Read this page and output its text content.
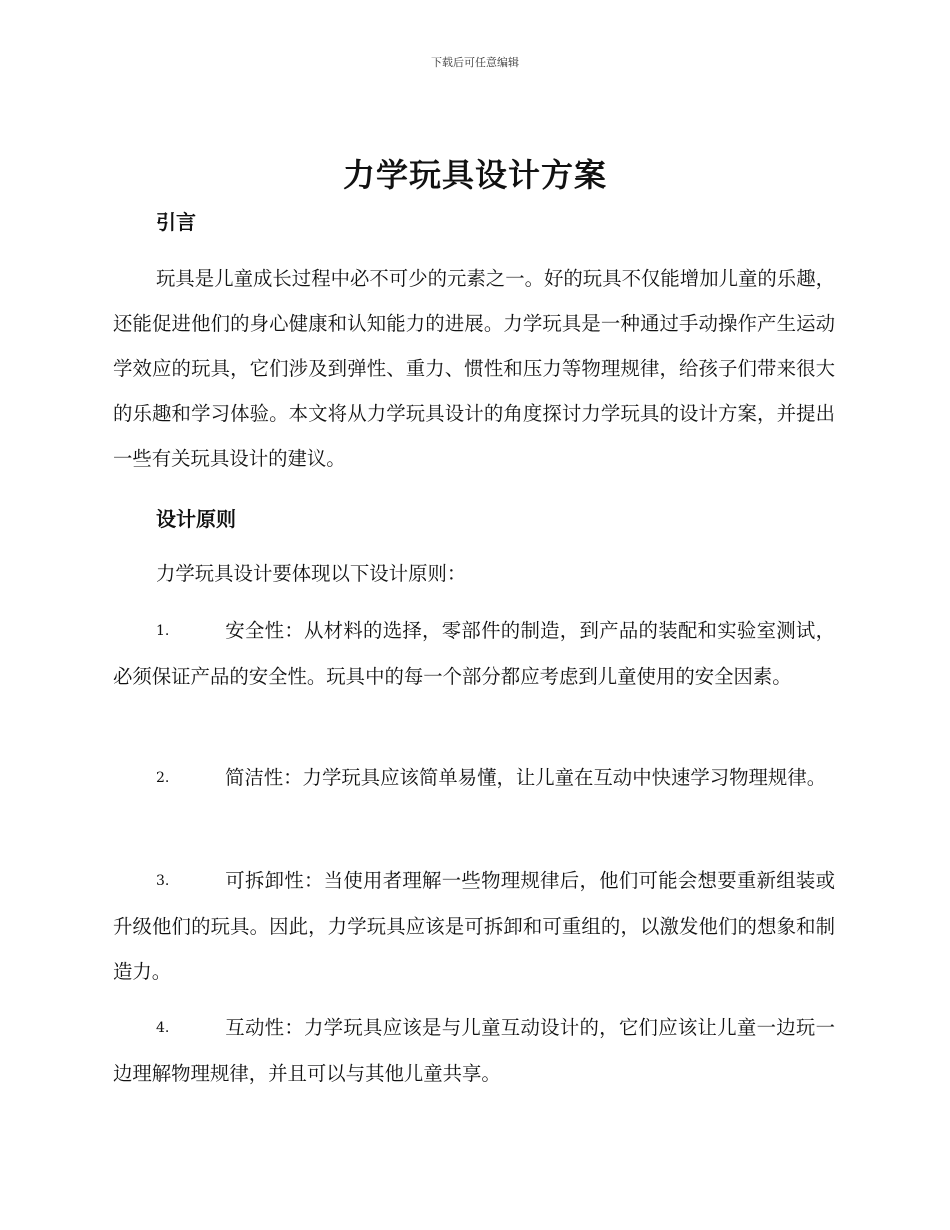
下载后可任意编辑
力学玩具设计方案
引言

玩具是儿童成长过程中必不可少的元素之一。好的玩具不仅能增加儿童的乐趣，还能促进他们的身心健康和认知能力的进展。力学玩具是一种通过手动操作产生运动学效应的玩具，它们涉及到弹性、重力、惯性和压力等物理规律，给孩子们带来很大的乐趣和学习体验。本文将从力学玩具设计的角度探讨力学玩具的设计方案，并提出一些有关玩具设计的建议。

设计原则

力学玩具设计要体现以下设计原则：

1.	安全性：从材料的选择，零部件的制造，到产品的装配和实验室测试，必须保证产品的安全性。玩具中的每一个部分都应考虑到儿童使用的安全因素。

2.	简洁性：力学玩具应该简单易懂，让儿童在互动中快速学习物理规律。

3.	可拆卸性：当使用者理解一些物理规律后，他们可能会想要重新组装或升级他们的玩具。因此，力学玩具应该是可拆卸和可重组的，以激发他们的想象和制造力。

4.	互动性：力学玩具应该是与儿童互动设计的，它们应该让儿童一边玩一边理解物理规律，并且可以与其他儿童共享。
